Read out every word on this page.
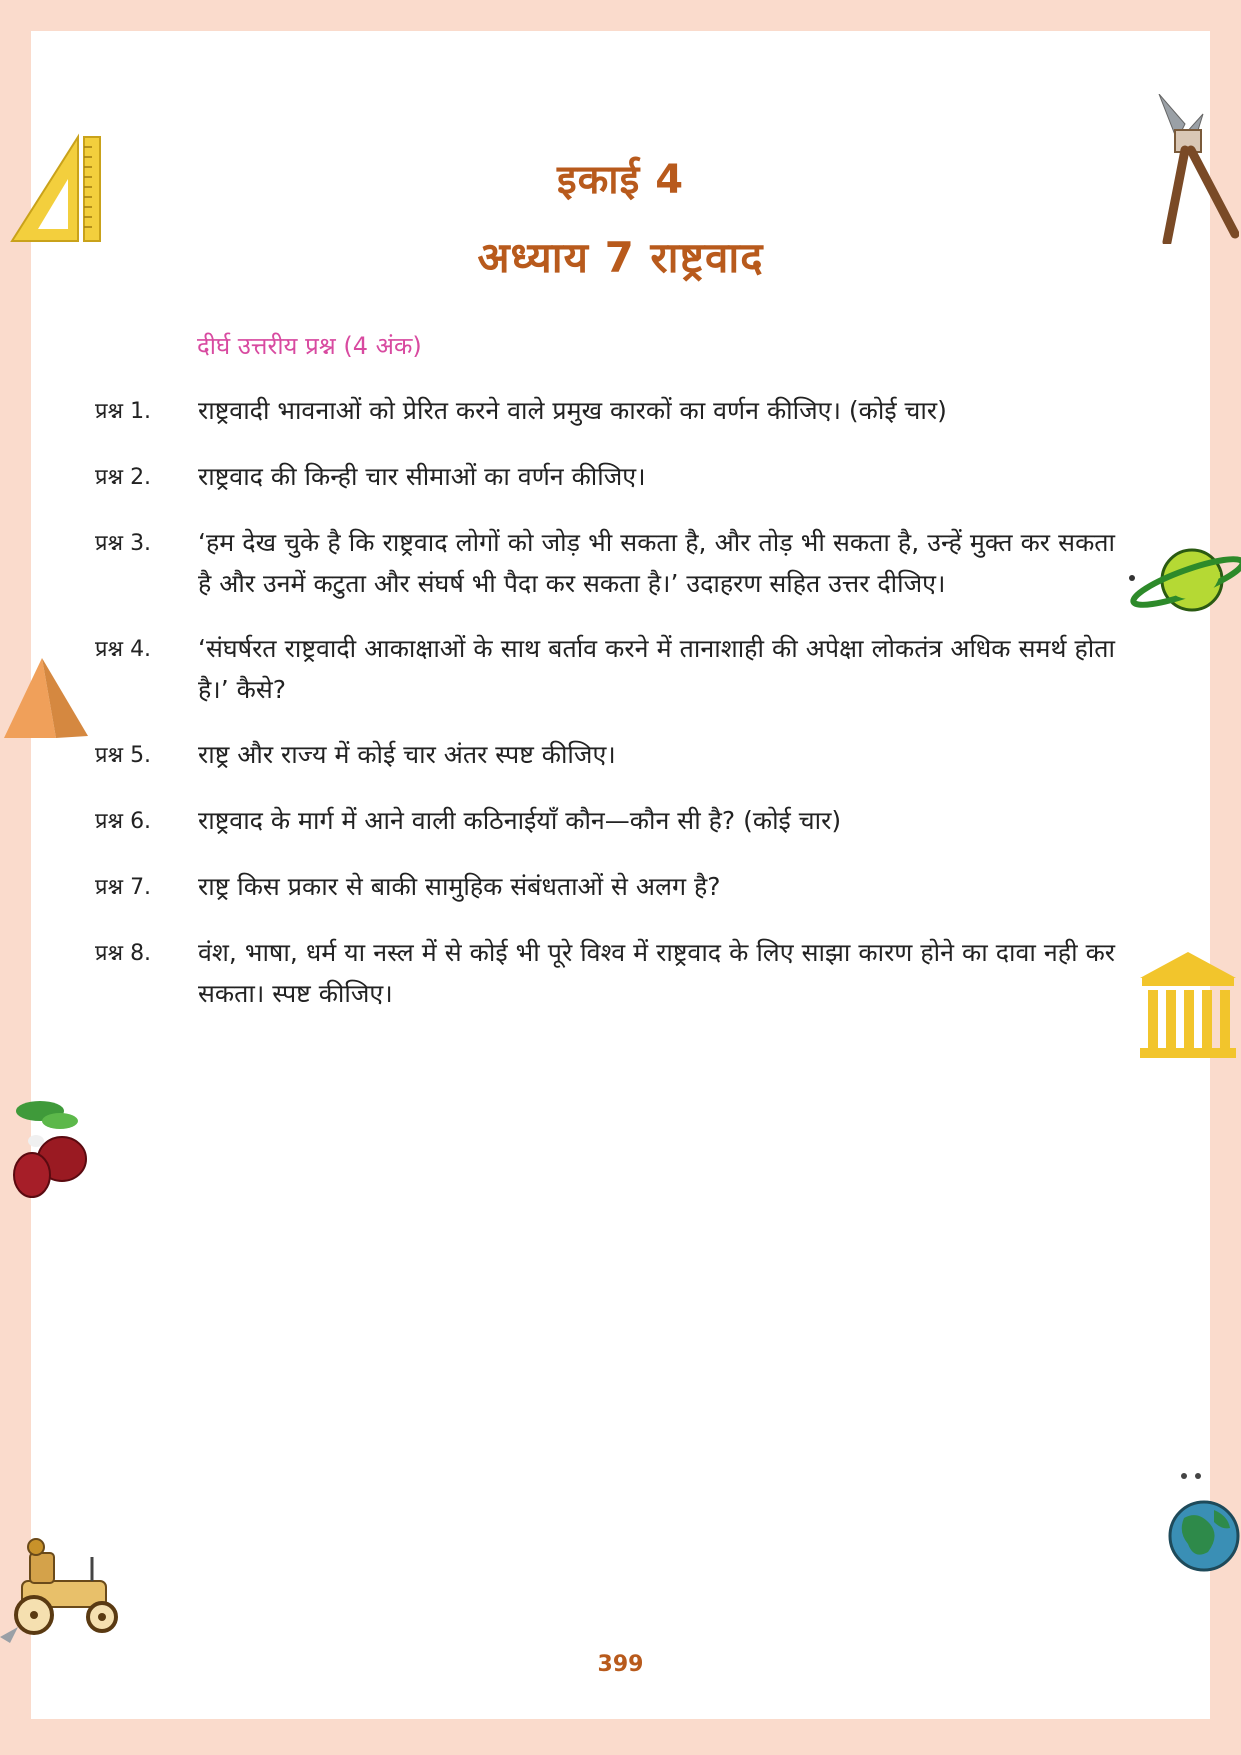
इकाई 4
अध्याय 7 राष्ट्रवाद
दीर्घ उत्तरीय प्रश्न (4 अंक)
प्रश्न 1.	राष्ट्रवादी भावनाओं को प्रेरित करने वाले प्रमुख कारकों का वर्णन कीजिए। (कोई चार)
प्रश्न 2.	राष्ट्रवाद की किन्ही चार सीमाओं का वर्णन कीजिए।
प्रश्न 3.	‘हम देख चुके है कि राष्ट्रवाद लोगों को जोड़ भी सकता है, और तोड़ भी सकता है, उन्हें मुक्त कर सकता है और उनमें कटुता और संघर्ष भी पैदा कर सकता है।’ उदाहरण सहित उत्तर दीजिए।
प्रश्न 4.	‘संघर्षरत राष्ट्रवादी आकाक्षाओं के साथ बर्ताव करने में तानाशाही की अपेक्षा लोकतंत्र अधिक समर्थ होता है।’ कैसे?
प्रश्न 5.	राष्ट्र और राज्य में कोई चार अंतर स्पष्ट कीजिए।
प्रश्न 6.	राष्ट्रवाद के मार्ग में आने वाली कठिनाईयाँ कौन—कौन सी है? (कोई चार)
प्रश्न 7.	राष्ट्र किस प्रकार से बाकी सामुहिक संबंधताओं से अलग है?
प्रश्न 8.	वंश, भाषा, धर्म या नस्ल में से कोई भी पूरे विश्व में राष्ट्रवाद के लिए साझा कारण होने का दावा नही कर सकता। स्पष्ट कीजिए।
399
